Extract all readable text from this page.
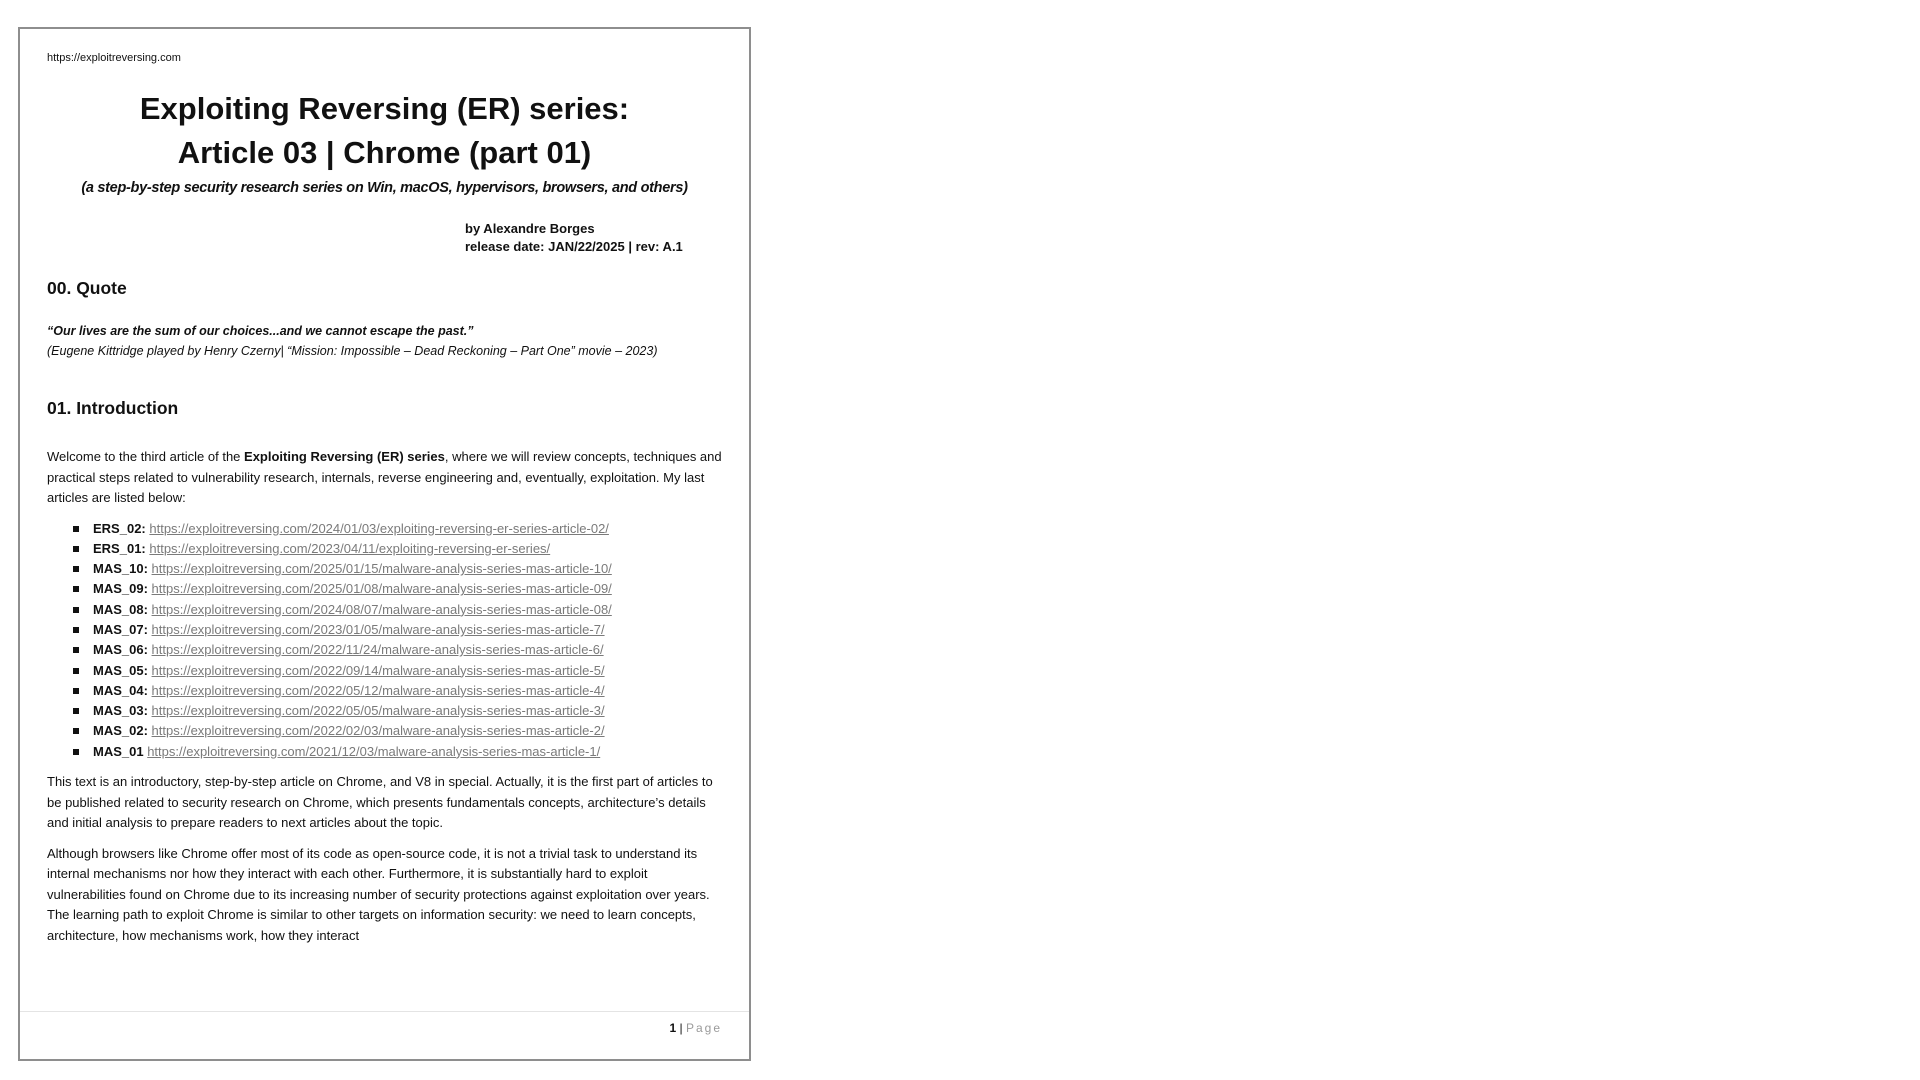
https://exploitreversing.com

Exploiting Reversing (ER) series:
Article 03 | Chrome (part 01)

(a step-by-step security research series on Win, macOS, hypervisors, browsers, and others)

by Alexandre Borges
release date: JAN/22/2025 | rev: A.1
00. Quote

“Our lives are the sum of our choices...and we cannot escape the past.”

(Eugene Kittridge played by Henry Czerny| “Mission: Impossible – Dead Reckoning – Part One” movie – 2023)

01. Introduction

Welcome to the third article of the Exploiting Reversing (ER) series, where we will review concepts, techniques and practical steps related to vulnerability research, internals, reverse engineering and, eventually, exploitation. My last articles are listed below:

ERS_02: https://exploitreversing.com/2024/01/03/exploiting-reversing-er-series-article-02/
ERS_01: https://exploitreversing.com/2023/04/11/exploiting-reversing-er-series/
MAS_10: https://exploitreversing.com/2025/01/15/malware-analysis-series-mas-article-10/
MAS_09: https://exploitreversing.com/2025/01/08/malware-analysis-series-mas-article-09/
MAS_08: https://exploitreversing.com/2024/08/07/malware-analysis-series-mas-article-08/
MAS_07: https://exploitreversing.com/2023/01/05/malware-analysis-series-mas-article-7/
MAS_06: https://exploitreversing.com/2022/11/24/malware-analysis-series-mas-article-6/
MAS_05: https://exploitreversing.com/2022/09/14/malware-analysis-series-mas-article-5/
MAS_04: https://exploitreversing.com/2022/05/12/malware-analysis-series-mas-article-4/
MAS_03: https://exploitreversing.com/2022/05/05/malware-analysis-series-mas-article-3/
MAS_02: https://exploitreversing.com/2022/02/03/malware-analysis-series-mas-article-2/
MAS_01 https://exploitreversing.com/2021/12/03/malware-analysis-series-mas-article-1/

This text is an introductory, step-by-step article on Chrome, and V8 in special. Actually, it is the first part of articles to be published related to security research on Chrome, which presents fundamentals concepts, architecture’s details and initial analysis to prepare readers to next articles about the topic.

Although browsers like Chrome offer most of its code as open-source code, it is not a trivial task to understand its internal mechanisms nor how they interact with each other. Furthermore, it is substantially hard to exploit vulnerabilities found on Chrome due to its increasing number of security protections against exploitation over years. The learning path to exploit Chrome is similar to other targets on information security: we need to learn concepts, architecture, how mechanisms work, how they interact

1 | Page
